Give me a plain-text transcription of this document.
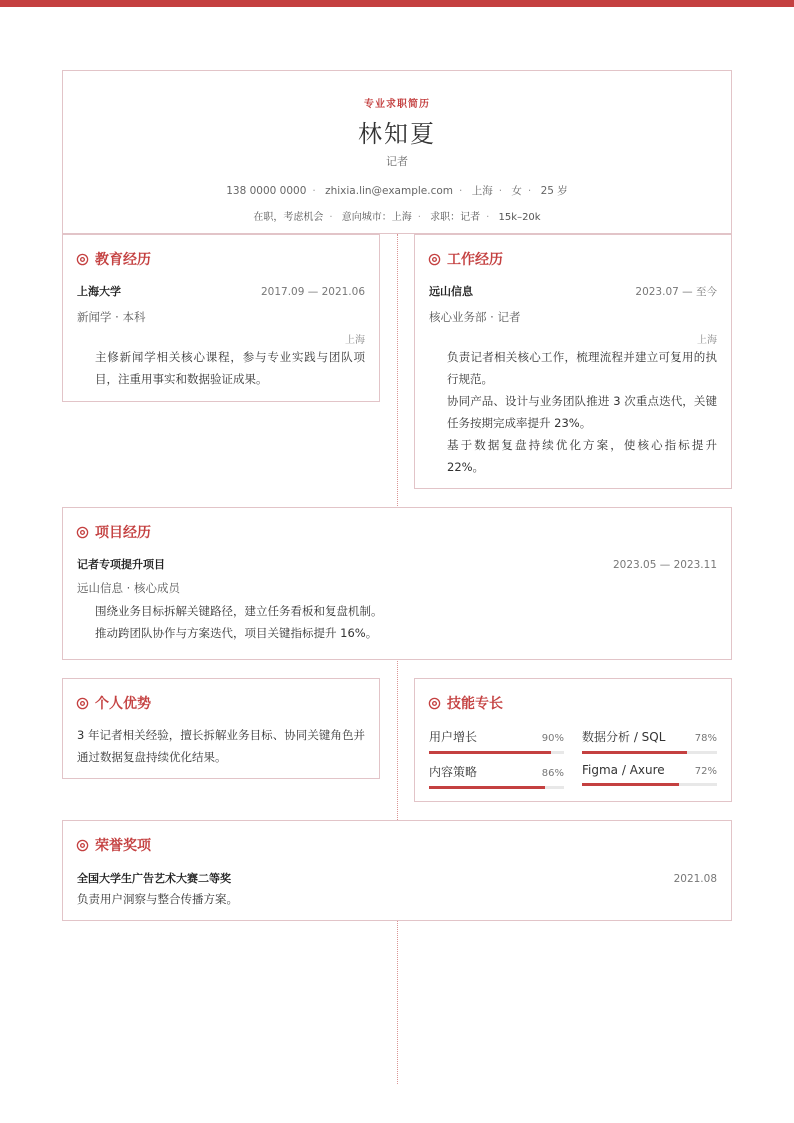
专业求职简历
林知夏
记者
138 0000 0000 · zhixia.lin@example.com · 上海 · 女 · 25 岁
在职，考虑机会 · 意向城市：上海 · 求职：记者 · 15k–20k
教育经历
上海大学	2017.09 — 2021.06
新闻学 · 本科
上海
主修新闻学相关核心课程，参与专业实践与团队项目，注重用事实和数据验证成果。
工作经历
远山信息	2023.07 — 至今
核心业务部 · 记者
上海
负责记者相关核心工作，梳理流程并建立可复用的执行规范。
协同产品、设计与业务团队推进 3 次重点迭代，关键任务按期完成率提升 23%。
基于数据复盘持续优化方案，使核心指标提升 22%。
项目经历
记者专项提升项目	2023.05 — 2023.11
远山信息 · 核心成员
围绕业务目标拆解关键路径，建立任务看板和复盘机制。
推动跨团队协作与方案迭代，项目关键指标提升 16%。
个人优势
3 年记者相关经验，擅长拆解业务目标、协同关键角色并通过数据复盘持续优化结果。
技能专长
用户增长	90% 数据分析 / SQL	78%
内容策略	86% Figma / Axure	72%
荣誉奖项
全国大学生广告艺术大赛二等奖	2021.08
负责用户洞察与整合传播方案。
